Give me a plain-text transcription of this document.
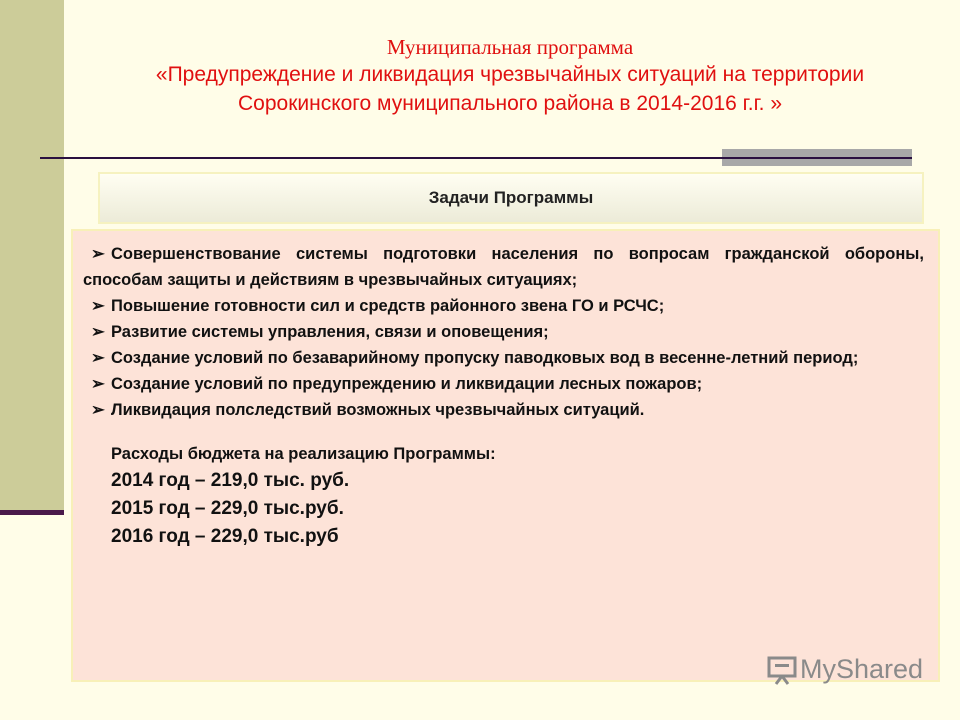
Муниципальная программа
«Предупреждение и ликвидация чрезвычайных ситуаций на территории
Сорокинского муниципального района в 2014-2016 г.г. »
Задачи Программы
➢ Совершенствование системы подготовки населения по вопросам гражданской обороны, способам защиты и действиям в чрезвычайных ситуациях;
➢ Повышение готовности сил и средств районного звена ГО и РСЧС;
➢ Развитие системы управления, связи и оповещения;
➢ Создание условий по безаварийному пропуску паводковых вод в весенне-летний период;
➢ Создание условий по предупреждению и ликвидации лесных пожаров;
➢ Ликвидация полследствий возможных чрезвычайных ситуаций.
Расходы бюджета на реализацию Программы:
2014 год – 219,0 тыс. руб.
2015 год – 229,0 тыс.руб.
2016 год – 229,0 тыс.руб
MyShared
